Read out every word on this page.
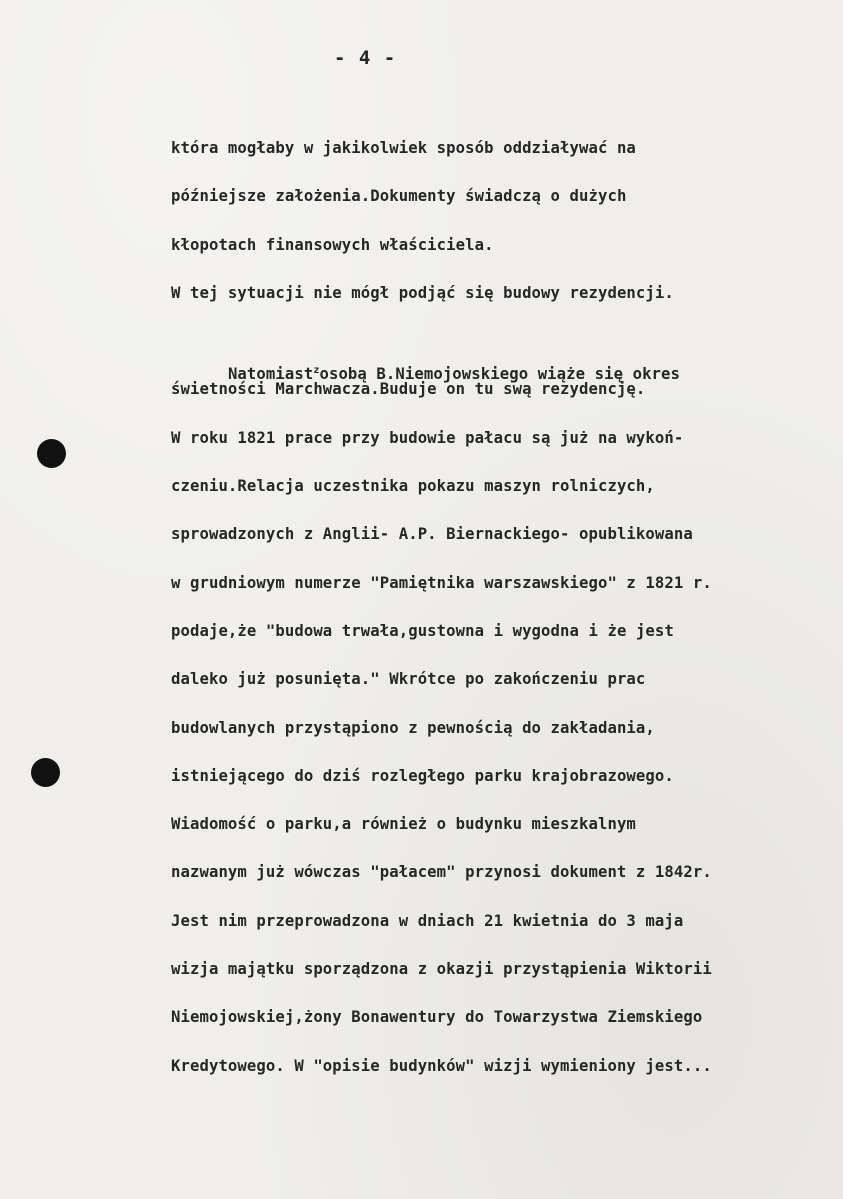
- 4 -
która mogłaby w jakikolwiek sposób oddziaływać na
późniejsze założenia.Dokumenty świadczą o dużych
kłopotach finansowych właściciela.
W tej sytuacji nie mógł podjąć się budowy rezydencji.

Natomiast$^z$osobą B.Niemojowskiego wiąże się okres

świetności Marchwacza.Buduje on tu swą rezydencję.
W roku 1821 prace przy budowie pałacu są już na wykoń-
czeniu.Relacja uczestnika pokazu maszyn rolniczych,
sprowadzonych z Anglii- A.P. Biernackiego- opublikowana
w grudniowym numerze "Pamiętnika warszawskiego" z 1821 r.
podaje,że "budowa trwała,gustowna i wygodna i że jest
daleko już posunięta." Wkrótce po zakończeniu prac
budowlanych przystąpiono z pewnością do zakładania,
istniejącego do dziś rozległego parku krajobrazowego.
Wiadomość o parku,a również o budynku mieszkalnym
nazwanym już wówczas "pałacem" przynosi dokument z 1842r.
Jest nim przeprowadzona w dniach 21 kwietnia do 3 maja
wizja majątku sporządzona z okazji przystąpienia Wiktorii
Niemojowskiej,żony Bonawentury do Towarzystwa Ziemskiego
Kredytowego. W "opisie budynków" wizji wymieniony jest...
